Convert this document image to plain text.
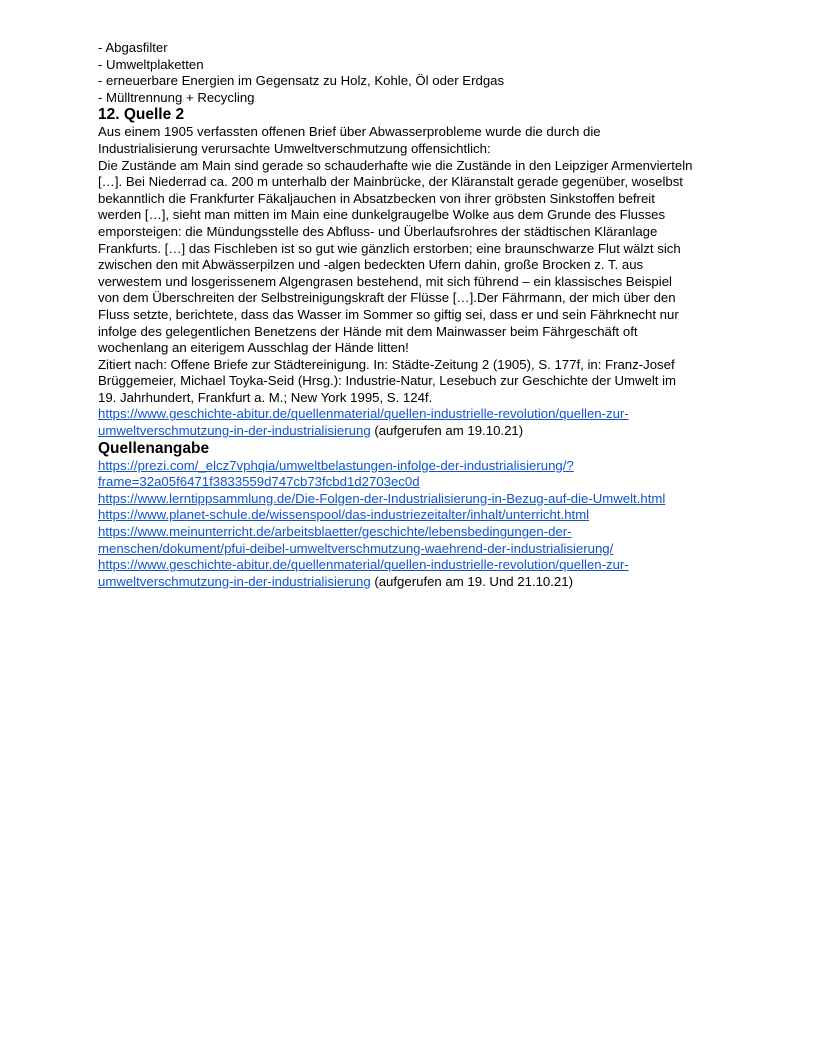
- Abgasfilter
- Umweltplaketten
- erneuerbare Energien im Gegensatz zu Holz, Kohle, Öl oder Erdgas
- Mülltrennung + Recycling
12. Quelle 2
Aus einem 1905 verfassten offenen Brief über Abwasserprobleme wurde die durch die
Industrialisierung verursachte Umweltverschmutzung offensichtlich:
Die Zustände am Main sind gerade so schauderhafte wie die Zustände in den Leipziger Armenvierteln
[…]. Bei Niederrad ca. 200 m unterhalb der Mainbrücke, der Kläranstalt gerade gegenüber, woselbst
bekanntlich die Frankfurter Fäkaljauchen in Absatzbecken von ihrer gröbsten Sinkstoffen befreit
werden […], sieht man mitten im Main eine dunkelgraugelbe Wolke aus dem Grunde des Flusses
emporsteigen: die Mündungsstelle des Abfluss- und Überlaufsrohres der städtischen Kläranlage
Frankfurts. […] das Fischleben ist so gut wie gänzlich erstorben; eine braunschwarze Flut wälzt sich
zwischen den mit Abwässerpilzen und -algen bedeckten Ufern dahin, große Brocken z. T. aus
verwestem und losgerissenem Algengrasen bestehend, mit sich führend – ein klassisches Beispiel
von dem Überschreiten der Selbstreinigungskraft der Flüsse […].Der Fährmann, der mich über den
Fluss setzte, berichtete, dass das Wasser im Sommer so giftig sei, dass er und sein Fährknecht nur
infolge des gelegentlichen Benetzens der Hände mit dem Mainwasser beim Fährgeschäft oft
wochenlang an eiterigem Ausschlag der Hände litten!
Zitiert nach: Offene Briefe zur Städtereinigung. In: Städte-Zeitung 2 (1905), S. 177f, in: Franz-Josef
Brüggemeier, Michael Toyka-Seid (Hrsg.): Industrie-Natur, Lesebuch zur Geschichte der Umwelt im
19. Jahrhundert, Frankfurt a. M.; New York 1995, S. 124f.
https://www.geschichte-abitur.de/quellenmaterial/quellen-industrielle-revolution/quellen-zur-
umweltverschmutzung-in-der-industrialisierung (aufgerufen am 19.10.21)
Quellenangabe
https://prezi.com/_elcz7vphqia/umweltbelastungen-infolge-der-industrialisierung/?
frame=32a05f6471f3833559d747cb73fcbd1d2703ec0d
https://www.lerntippsammlung.de/Die-Folgen-der-Industrialisierung-in-Bezug-auf-die-Umwelt.html
https://www.planet-schule.de/wissenspool/das-industriezeitalter/inhalt/unterricht.html
https://www.meinunterricht.de/arbeitsblaetter/geschichte/lebensbedingungen-der-
menschen/dokument/pfui-deibel-umweltverschmutzung-waehrend-der-industrialisierung/
https://www.geschichte-abitur.de/quellenmaterial/quellen-industrielle-revolution/quellen-zur-
umweltverschmutzung-in-der-industrialisierung (aufgerufen am 19. Und 21.10.21)
